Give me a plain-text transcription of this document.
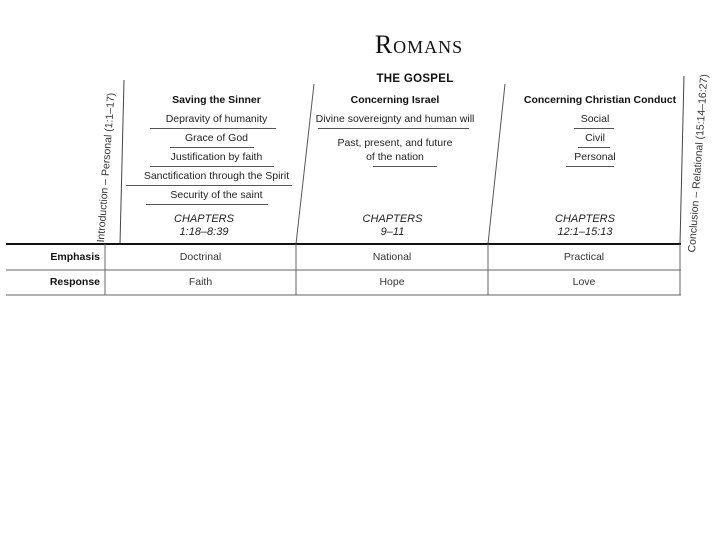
Romans
THE GOSPEL
Introduction – Personal (1:1–17)	Conclusion – Relational (15:14–16:27)
Saving the Sinner
Depravity of humanity
Grace of God
Justification by faith
Sanctification through the Spirit
Security of the saint
CHAPTERS
1:18–8:39
Concerning Israel
Divine sovereignty and human will
Past, present, and future
of the nation
CHAPTERS
9–11
Concerning Christian Conduct
Social
Civil
Personal
CHAPTERS
12:1–15:13
Emphasis	Doctrinal	National	Practical
Response	Faith	Hope	Love
